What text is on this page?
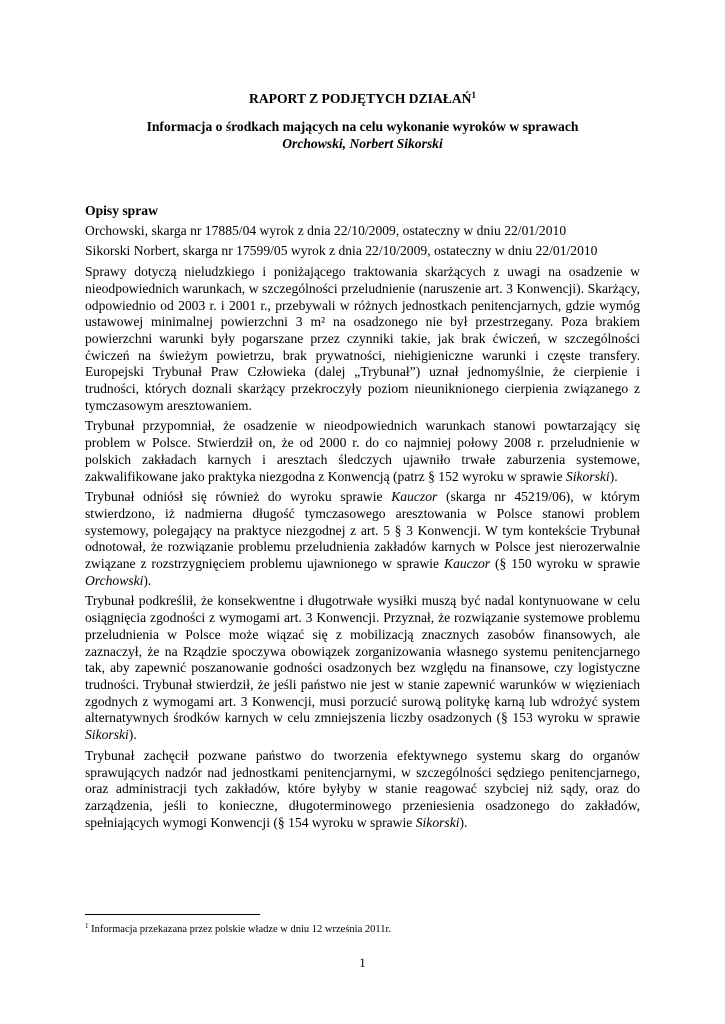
RAPORT Z PODJĘTYCH DZIAŁAŃ$^1$
Informacja o środkach mających na celu wykonanie wyroków w sprawach
Orchowski, Norbert Sikorski
Opisy spraw
Orchowski, skarga nr 17885/04 wyrok z dnia 22/10/2009, ostateczny w dniu 22/01/2010
Sikorski Norbert, skarga nr 17599/05 wyrok z dnia 22/10/2009, ostateczny w dniu 22/01/2010
Sprawy dotyczą nieludzkiego i poniżającego traktowania skarżących z uwagi na osadzenie w nieodpowiednich warunkach, w szczególności przeludnienie (naruszenie art. 3 Konwencji). Skarżący, odpowiednio od 2003 r. i 2001 r., przebywali w różnych jednostkach penitencjarnych, gdzie wymóg ustawowej minimalnej powierzchni 3 m² na osadzonego nie był przestrzegany. Poza brakiem powierzchni warunki były pogarszane przez czynniki takie, jak brak ćwiczeń, w szczególności ćwiczeń na świeżym powietrzu, brak prywatności, niehigieniczne warunki i częste transfery. Europejski Trybunał Praw Człowieka (dalej „Trybunał”) uznał jednomyślnie, że cierpienie i trudności, których doznali skarżący przekroczyły poziom nieuniknionego cierpienia związanego z tymczasowym aresztowaniem.
Trybunał przypomniał, że osadzenie w nieodpowiednich warunkach stanowi powtarzający się problem w Polsce. Stwierdził on, że od 2000 r. do co najmniej połowy 2008 r. przeludnienie w polskich zakładach karnych i aresztach śledczych ujawniło trwałe zaburzenia systemowe, zakwalifikowane jako praktyka niezgodna z Konwencją (patrz § 152 wyroku w sprawie Sikorski).
Trybunał odniósł się również do wyroku sprawie Kauczor (skarga nr 45219/06), w którym stwierdzono, iż nadmierna długość tymczasowego aresztowania w Polsce stanowi problem systemowy, polegający na praktyce niezgodnej z art. 5 § 3 Konwencji. W tym kontekście Trybunał odnotował, że rozwiązanie problemu przeludnienia zakładów karnych w Polsce jest nierozerwalnie związane z rozstrzygnięciem problemu ujawnionego w sprawie Kauczor (§ 150 wyroku w sprawie Orchowski).
Trybunał podkreślił, że konsekwentne i długotrwałe wysiłki muszą być nadal kontynuowane w celu osiągnięcia zgodności z wymogami art. 3 Konwencji. Przyznał, że rozwiązanie systemowe problemu przeludnienia w Polsce może wiązać się z mobilizacją znacznych zasobów finansowych, ale zaznaczył, że na Rządzie spoczywa obowiązek zorganizowania własnego systemu penitencjarnego tak, aby zapewnić poszanowanie godności osadzonych bez względu na finansowe, czy logistyczne trudności. Trybunał stwierdził, że jeśli państwo nie jest w stanie zapewnić warunków w więzieniach zgodnych z wymogami art. 3 Konwencji, musi porzucić surową politykę karną lub wdrożyć system alternatywnych środków karnych w celu zmniejszenia liczby osadzonych (§ 153 wyroku w sprawie Sikorski).
Trybunał zachęcił pozwane państwo do tworzenia efektywnego systemu skarg do organów sprawujących nadzór nad jednostkami penitencjarnymi, w szczególności sędziego penitencjarnego, oraz administracji tych zakładów, które byłyby w stanie reagować szybciej niż sądy, oraz do zarządzenia, jeśli to konieczne, długoterminowego przeniesienia osadzonego do zakładów, spełniających wymogi Konwencji (§ 154 wyroku w sprawie Sikorski).
$^1$ Informacja przekazana przez polskie władze w dniu 12 września 2011r.
1
